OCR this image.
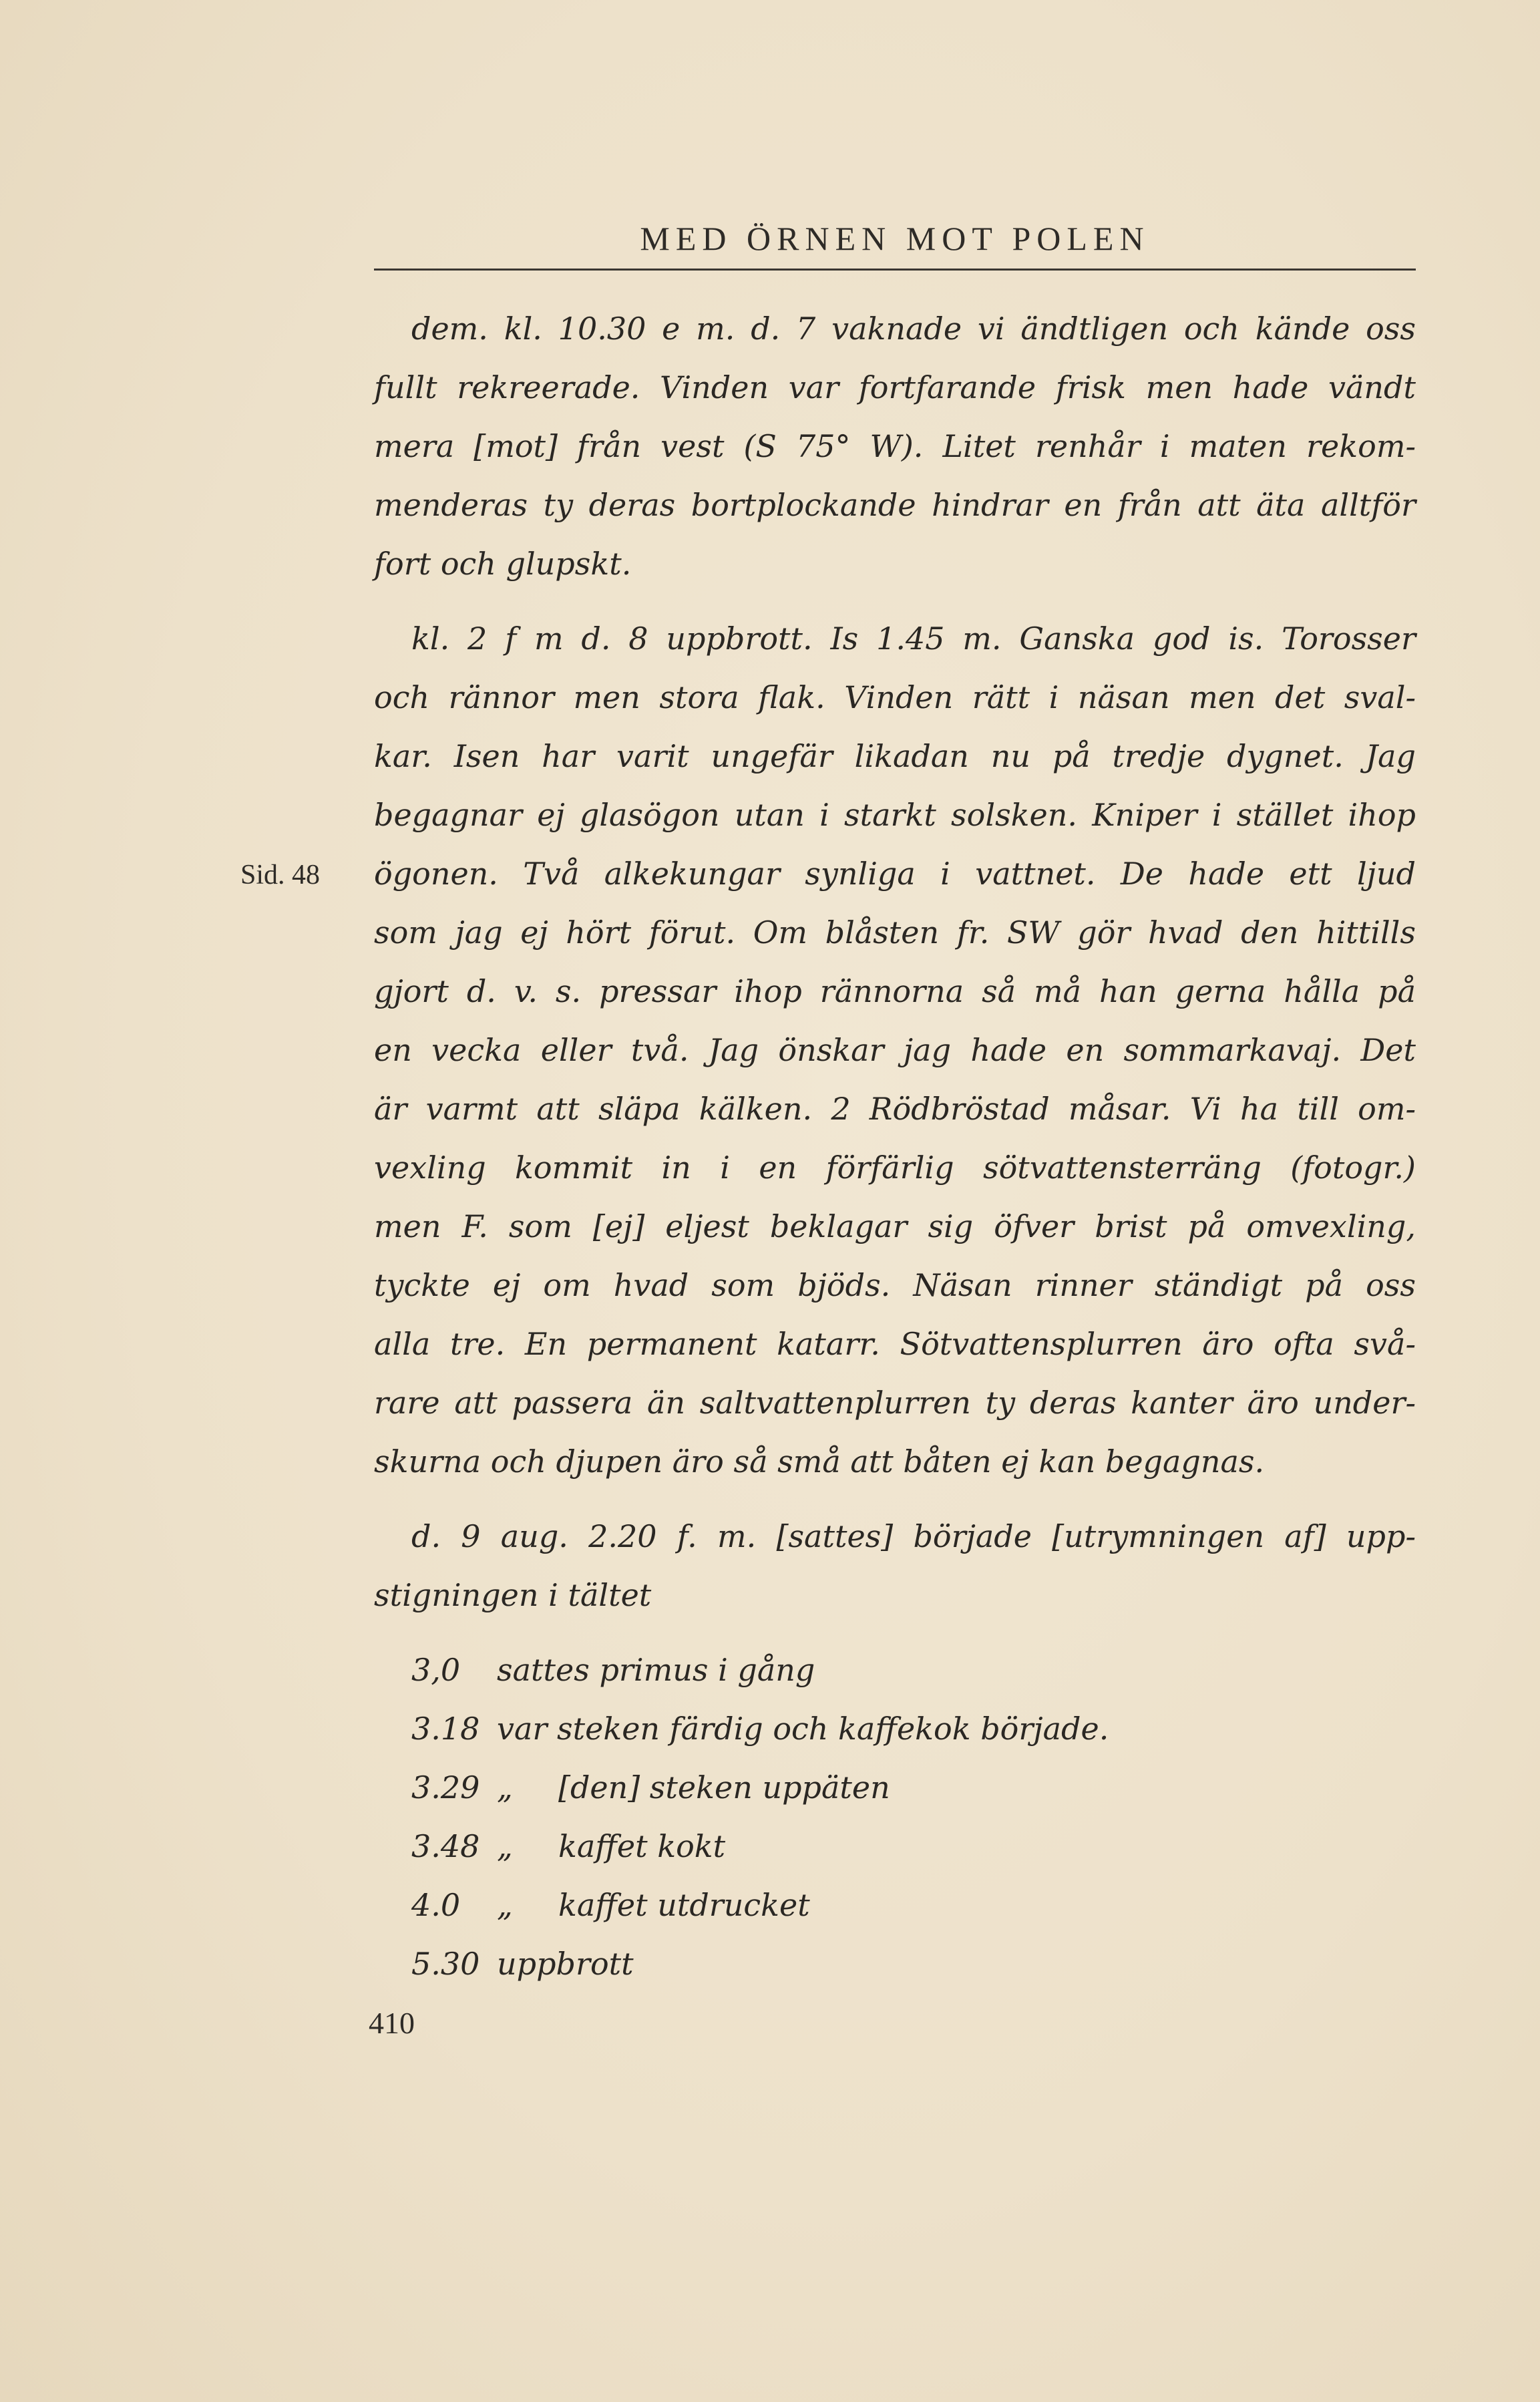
MED ÖRNEN MOT POLEN
Sid. 48
dem. kl. 10.30 e m. d. 7 vaknade vi ändtligen och kände oss
fullt rekreerade. Vinden var fortfarande frisk men hade vändt
mera [mot] från vest (S 75° W). Litet renhår i maten rekom-
menderas ty deras bortplockande hindrar en från att äta alltför
fort och glupskt.
kl. 2 f m d. 8 uppbrott. Is 1.45 m. Ganska god is. Torosser
och rännor men stora flak. Vinden rätt i näsan men det sval-
kar. Isen har varit ungefär likadan nu på tredje dygnet. Jag
begagnar ej glasögon utan i starkt solsken. Kniper i stället ihop
ögonen. Två alkekungar synliga i vattnet. De hade ett ljud
som jag ej hört förut. Om blåsten fr. SW gör hvad den hittills
gjort d. v. s. pressar ihop rännorna så må han gerna hålla på
en vecka eller två. Jag önskar jag hade en sommarkavaj. Det
är varmt att släpa kälken. 2 Rödbröstad måsar. Vi ha till om-
vexling kommit in i en förfärlig sötvattensterräng (fotogr.)
men F. som [ej] eljest beklagar sig öfver brist på omvexling,
tyckte ej om hvad som bjöds. Näsan rinner ständigt på oss
alla tre. En permanent katarr. Sötvattensplurren äro ofta svå-
rare att passera än saltvattenplurren ty deras kanter äro under-
skurna och djupen äro så små att båten ej kan begagnas.
d. 9 aug. 2.20 f. m. [sattes] började [utrymningen af] upp-
stigningen i tältet
3,0 sattes primus i gång
3.18 var steken färdig och kaffekok började.
3.29 „ [den] steken uppäten
3.48 „ kaffet kokt
4.0 „ kaffet utdrucket
5.30 uppbrott
410
